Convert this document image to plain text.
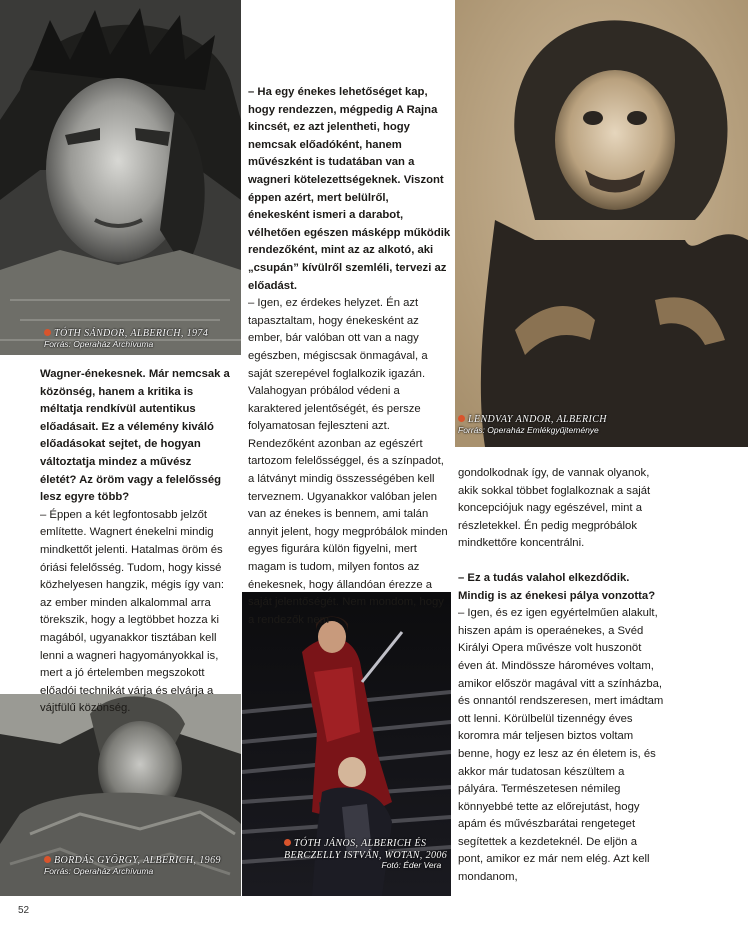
TÓTH SÁNDOR, ALBERICH, 1974
Forrás: Operaház Archívuma
LENDVAY ANDOR, ALBERICH
Forrás: Operaház Emlékgyűjteménye
BORDÁS GYÖRGY, ALBERICH, 1969
Forrás: Operaház Archívuma
TÓTH JÁNOS, ALBERICH ÉS
BERCZELLY ISTVÁN, WOTAN, 2006
Fotó: Éder Vera

Wagner-énekesnek. Már nemcsak a közönség, hanem a kritika is méltatja rendkívül autentikus előadásait. Ez a vélemény kiváló előadásokat sejtet, de hogyan változtatja mindez a művész életét? Az öröm vagy a felelősség lesz egyre több?

– Éppen a két legfontosabb jelzőt említette. Wagnert énekelni mindig mindkettőt jelenti. Hatalmas öröm és óriási felelősség. Tudom, hogy kissé közhelyesen hangzik, mégis így van: az ember minden alkalommal arra törekszik, hogy a legtöbbet hozza ki magából, ugyanakkor tisztában kell lenni a wagneri hagyományokkal is, mert a jó értelemben megszokott előadói technikát várja és elvárja a vájtfülű közönség.

– Ha egy énekes lehetőséget kap, hogy rendezzen, mégpedig A Rajna kincsét, ez azt jelentheti, hogy nemcsak előadóként, hanem művészként is tudatában van a wagneri kötelezettségeknek. Viszont éppen azért, mert belülről, énekesként ismeri a darabot, vélhetően egészen másképp működik rendezőként, mint az az alkotó, aki „csupán” kívülről szemléli, tervezi az előadást.

– Igen, ez érdekes helyzet. Én azt tapasztaltam, hogy énekesként az ember, bár valóban ott van a nagy egészben, mégiscsak önmagával, a saját szerepével foglalkozik igazán. Valahogyan próbálod védeni a karaktered jelentőségét, és persze folyamatosan fejleszteni azt. Rendezőként azonban az egészért tartozom felelősséggel, és a színpadot, a látványt mindig összességében kell terveznem. Ugyanakkor valóban jelen van az énekes is bennem, ami talán annyit jelent, hogy megpróbálok minden egyes figurára külön figyelni, mert magam is tudom, milyen fontos az énekesnek, hogy állandóan érezze a saját jelentőségét. Nem mondom, hogy a rendezők nem

gondolkodnak így, de vannak olyanok, akik sokkal többet foglalkoznak a saját koncepciójuk nagy egészével, mint a részletekkel. Én pedig megpróbálok mindkettőre koncentrálni.

– Ez a tudás valahol elkezdődik. Mindig is az énekesi pálya vonzotta?

– Igen, és ez igen egyértelműen alakult, hiszen apám is operaénekes, a Svéd Királyi Opera művésze volt huszonöt éven át. Mindössze hároméves voltam, amikor először magával vitt a színházba, és onnantól rendszeresen, mert imádtam ott lenni. Körülbelül tizennégy éves koromra már teljesen biztos voltam benne, hogy ez lesz az én életem is, és akkor már tudatosan készültem a pályára. Természetesen némileg könnyebbé tette az előrejutást, hogy apám és művészbarátai rengeteget segítettek a kezdeteknél. De eljön a pont, amikor ez már nem elég. Azt kell mondanom,

52
